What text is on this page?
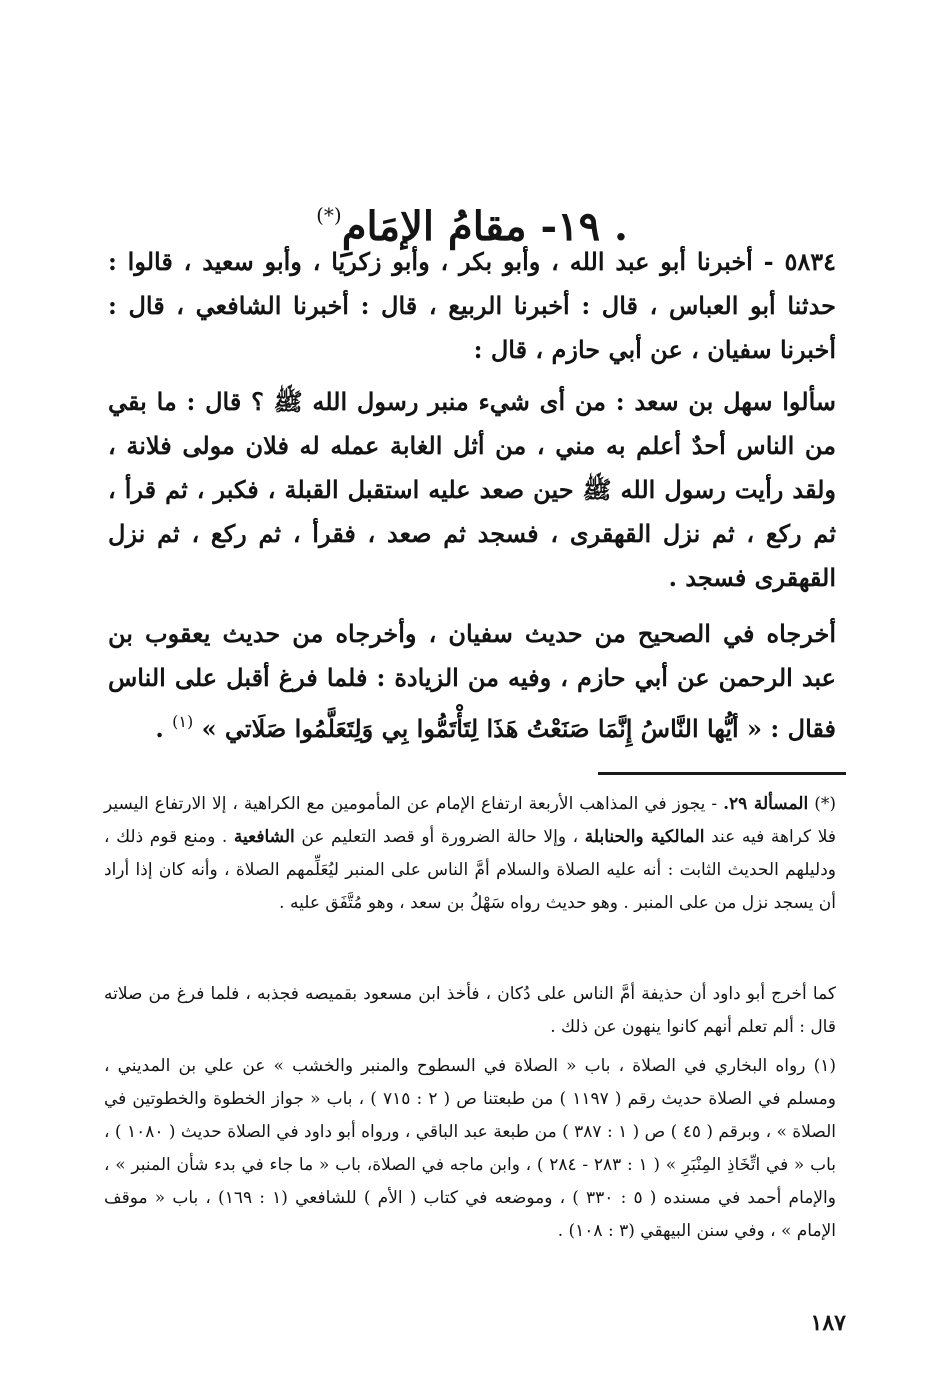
. ١٩- مقامُ الإمَامِ(*)

٥٨٣٤ - أخبرنا أبو عبد الله ، وأبو بكر ، وأبو زكريا ، وأبو سعيد ، قالوا : حدثنا أبو العباس ، قال : أخبرنا الربيع ، قال : أخبرنا الشافعي ، قال : أخبرنا سفيان ، عن أبي حازم ، قال :

سألوا سهل بن سعد : من أى شيء منبر رسول الله ﷺ ؟ قال : ما بقي من الناس أحدٌ أعلم به مني ، من أثل الغابة عمله له فلان مولى فلانة ، ولقد رأيت رسول الله ﷺ حين صعد عليه استقبل القبلة ، فكبر ، ثم قرأ ، ثم ركع ، ثم نزل القهقرى ، فسجد ثم صعد ، فقرأ ، ثم ركع ، ثم نزل القهقرى فسجد .

أخرجاه في الصحيح من حديث سفيان ، وأخرجاه من حديث يعقوب بن عبد الرحمن عن أبي حازم ، وفيه من الزيادة : فلما فرغ أقبل على الناس فقال : « أيُّها النَّاسُ إِنَّمَا صَنَعْتُ هَذَا لِتَأْتَمُّوا بِي وَلِتَعَلَّمُوا صَلَاتي » $^{(١)}$ .

(*) المسألة ٢٩. - يجوز في المذاهب الأربعة ارتفاع الإمام عن المأمومين مع الكراهية ، إلا الارتفاع اليسير فلا كراهة فيه عند المالكية والحنابلة ، وإلا حالة الضرورة أو قصد التعليم عن الشافعية . ومنع قوم ذلك ، ودليلهم الحديث الثابت : أنه عليه الصلاة والسلام أمَّ الناس على المنبر ليُعَلِّمهم الصلاة ، وأنه كان إذا أراد أن يسجد نزل من على المنبر . وهو حديث رواه سَهْلُ بن سعد ، وهو مُتَّفَق عليه .

كما أخرج أبو داود أن حذيفة أمَّ الناس على دُكان ، فأخذ ابن مسعود بقميصه فجذبه ، فلما فرغ من صلاته قال : ألم تعلم أنهم كانوا ينهون عن ذلك .

(١) رواه البخاري في الصلاة ، باب « الصلاة في السطوح والمنبر والخشب » عن علي بن المديني ، ومسلم في الصلاة حديث رقم ( ١١٩٧ ) من طبعتنا ص ( ٢ : ٧١٥ ) ، باب « جواز الخطوة والخطوتين في الصلاة » ، وبرقم ( ٤٥ ) ص ( ١ : ٣٨٧ ) من طبعة عبد الباقي ، ورواه أبو داود في الصلاة حديث ( ١٠٨٠ ) ، باب « في اتِّخَاذِ المِنْبَرِ » ( ١ : ٢٨٣ - ٢٨٤ ) ، وابن ماجه في الصلاة، باب « ما جاء في بدء شأن المنبر » ، والإمام أحمد في مسنده ( ٥ : ٣٣٠ ) ، وموضعه في كتاب ( الأم ) للشافعي (١ : ١٦٩) ، باب « موقف الإمام » ، وفي سنن البيهقي (٣ : ١٠٨) .

١٨٧
